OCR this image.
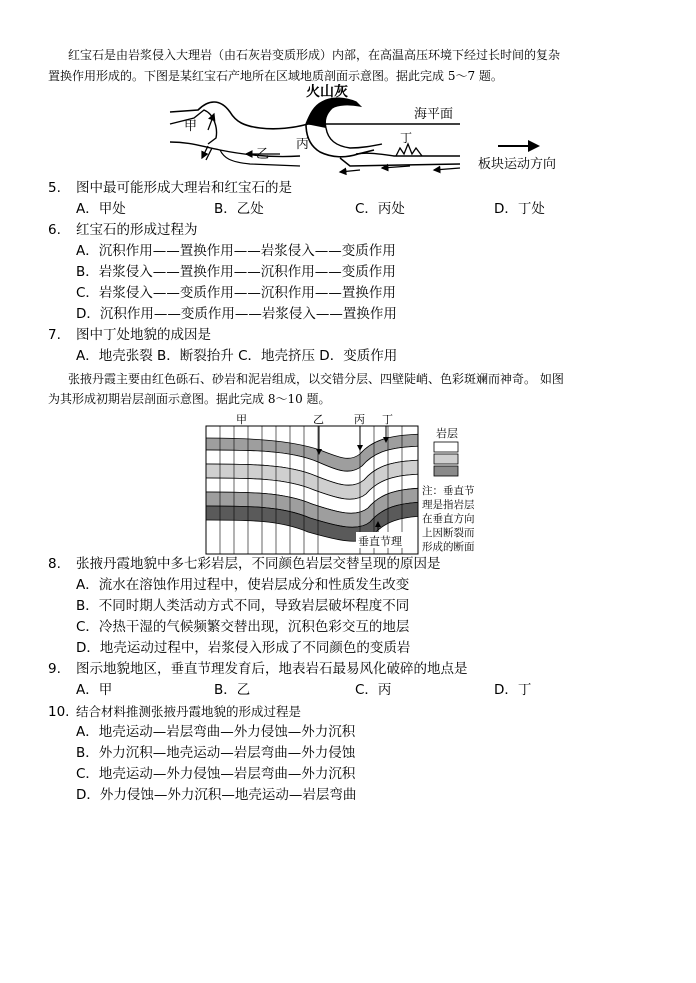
红宝石是由岩浆侵入大理岩（由石灰岩变质形成）内部，在高温高压环境下经过长时间的复杂
置换作用形成的。下图是某红宝石产地所在区域地质剖面示意图。据此完成 5～7 题。
火山灰
海平面
甲
乙
丙	丁
板块运动方向
5. 图中最可能形成大理岩和红宝石的是
A．甲处	B．乙处	C．丙处	D．丁处
6. 红宝石的形成过程为
A．沉积作用——置换作用——岩浆侵入——变质作用
B．岩浆侵入——置换作用——沉积作用——变质作用
C．岩浆侵入——变质作用——沉积作用——置换作用
D．沉积作用——变质作用——岩浆侵入——置换作用
7. 图中丁处地貌的成因是
A．地壳张裂 B．断裂抬升 C．地壳挤压 D．变质作用
张掖丹霞主要由红色砾石、砂岩和泥岩组成，以交错分层、四壁陡峭、色彩斑斓而神奇。 如图
为其形成初期岩层剖面示意图。据此完成 8～10 题。
甲	乙	丙 丁
垂直节理
岩层
注：垂直节
理是指岩层
在垂直方向
上因断裂而
形成的断面
8. 张掖丹霞地貌中多七彩岩层，不同颜色岩层交替呈现的原因是
A．流水在溶蚀作用过程中，使岩层成分和性质发生改变
B．不同时期人类活动方式不同，导致岩层破坏程度不同
C．冷热干湿的气候频繁交替出现，沉积色彩交互的地层
D．地壳运动过程中，岩浆侵入形成了不同颜色的变质岩
9. 图示地貌地区，垂直节理发育后，地表岩石最易风化破碎的地点是
A．甲	B．乙	C．丙	D．丁
10. 结合材料推测张掖丹霞地貌的形成过程是
A．地壳运动—岩层弯曲—外力侵蚀—外力沉积
B．外力沉积—地壳运动—岩层弯曲—外力侵蚀
C．地壳运动—外力侵蚀—岩层弯曲—外力沉积
D．外力侵蚀—外力沉积—地壳运动—岩层弯曲
